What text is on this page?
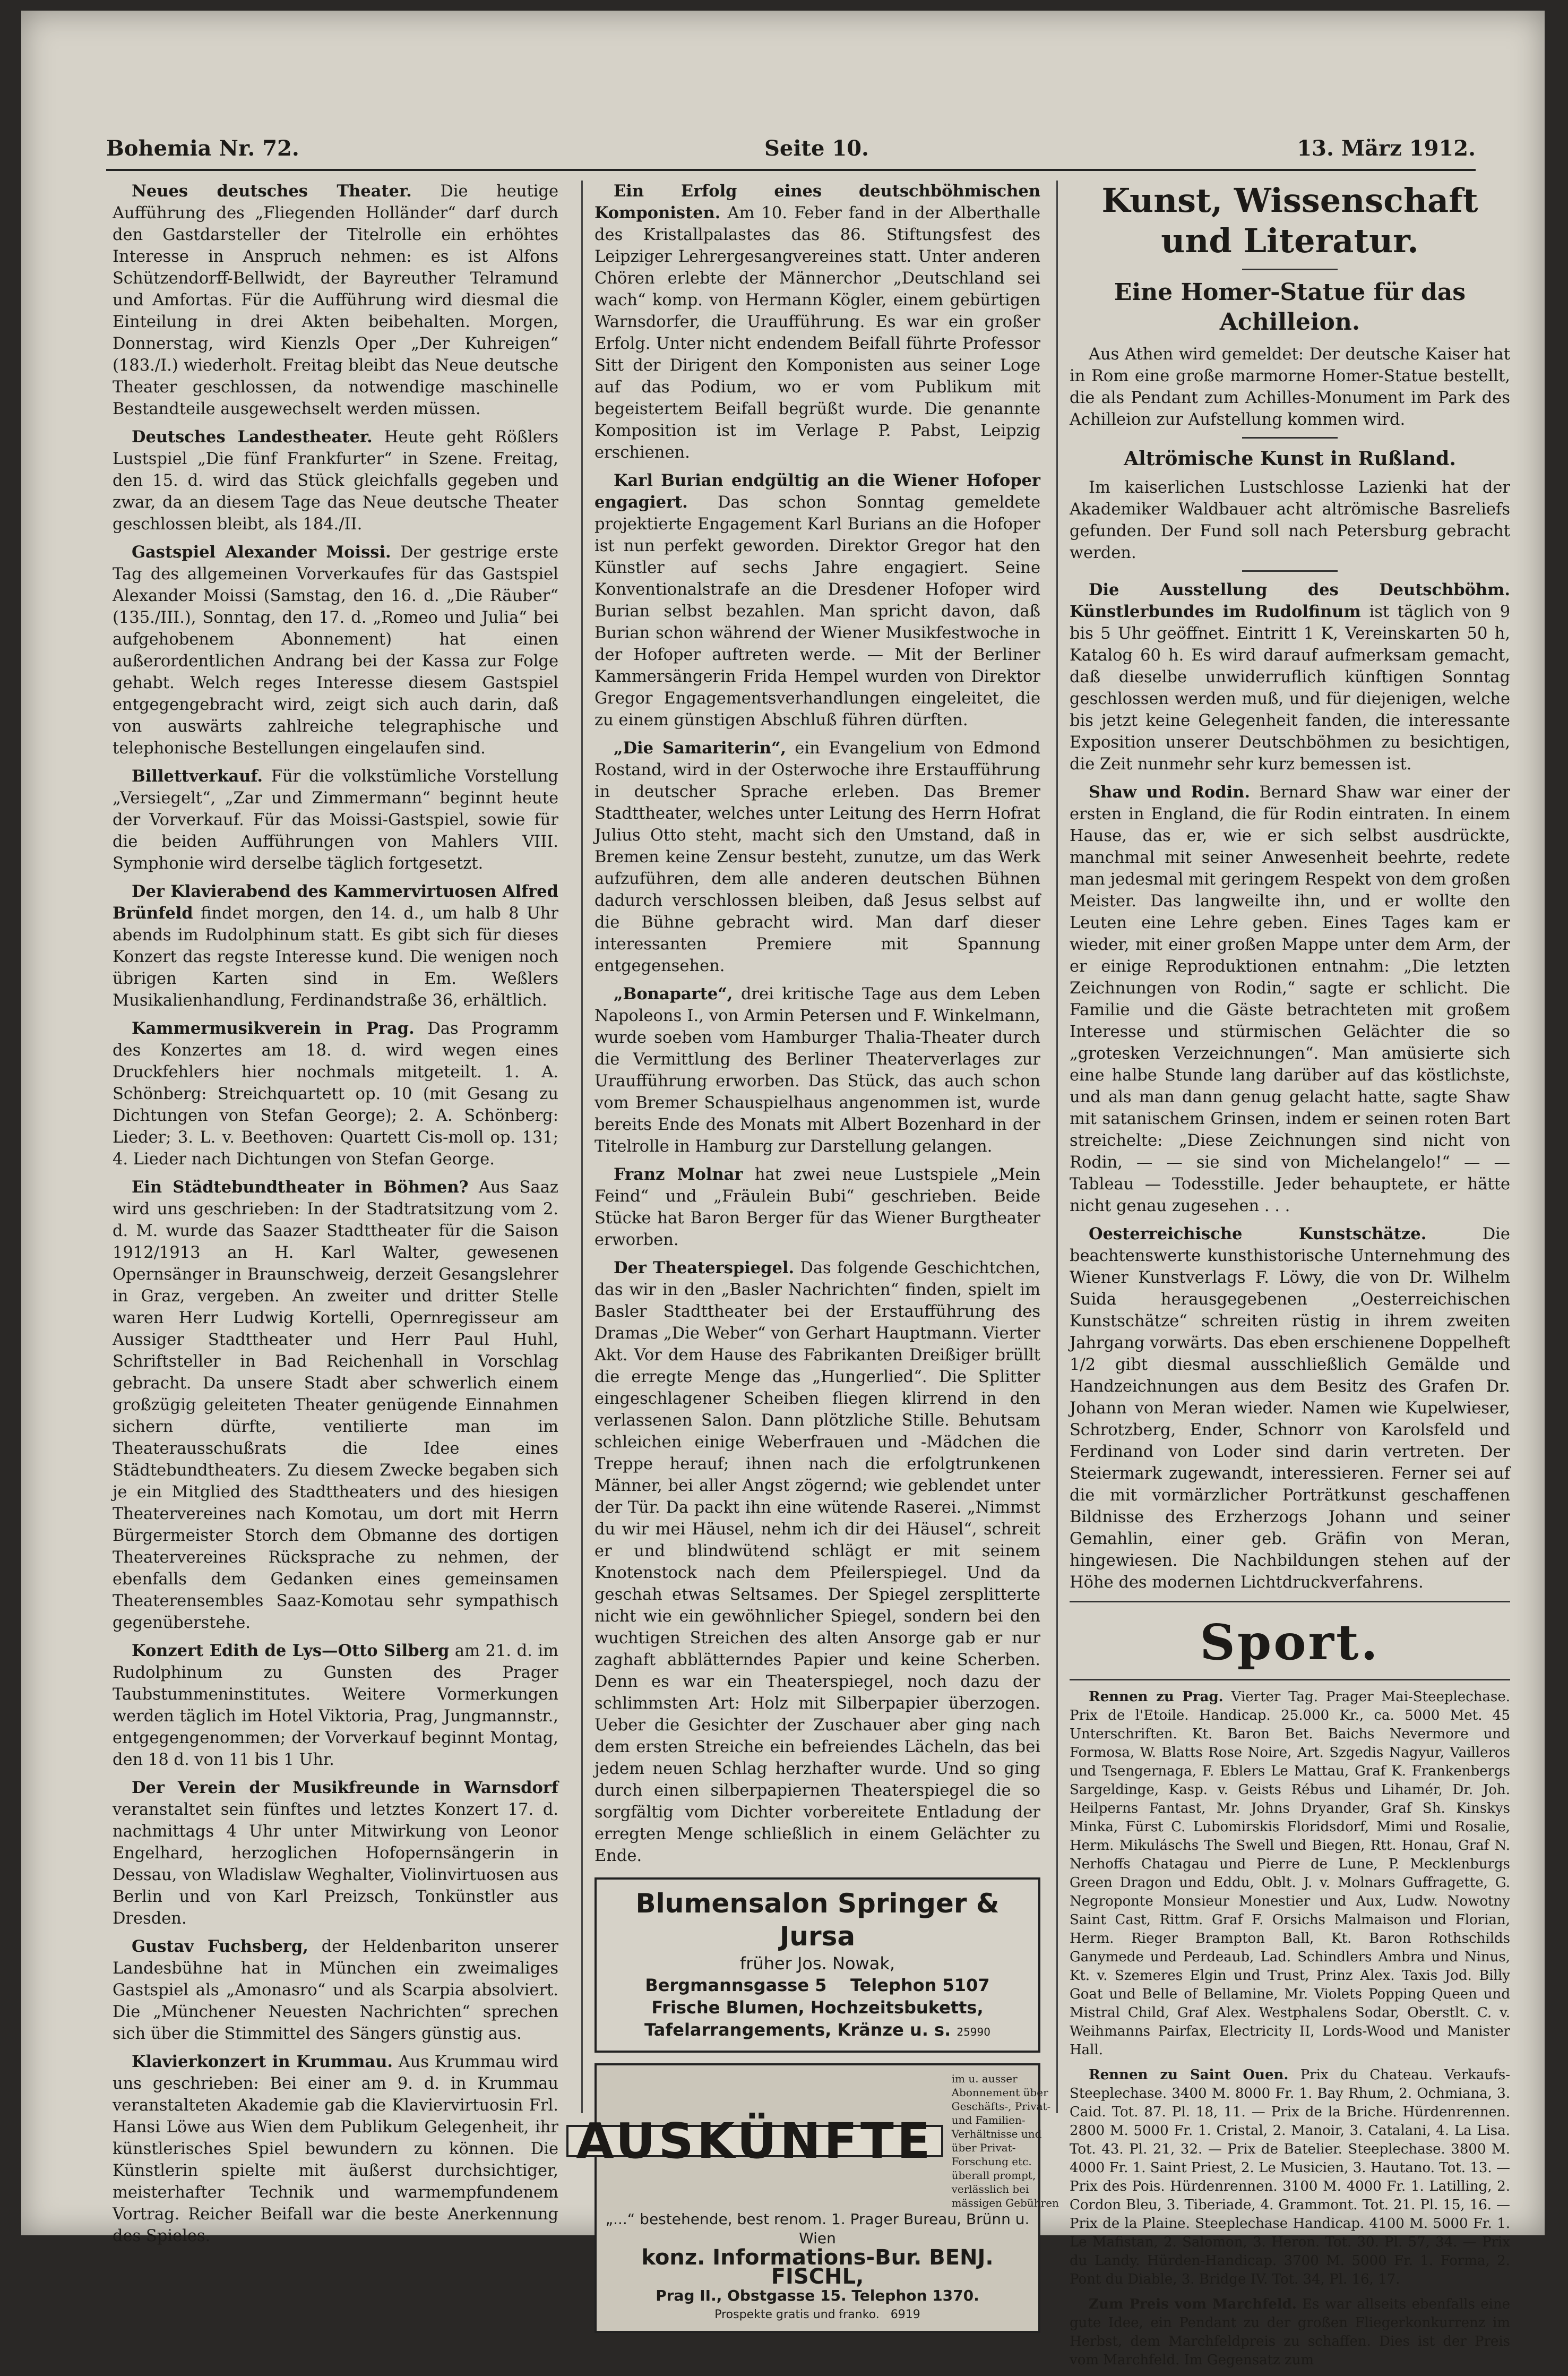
Bohemia Nr. 72.	Seite 10.	13. März 1912.

Neues deutsches Theater. Die heutige Aufführung des „Fliegenden Holländer“ darf durch den Gastdarsteller der Titelrolle ein erhöhtes Interesse in Anspruch nehmen: es ist Alfons Schützendorff-Bellwidt, der Bayreuther Telramund und Amfortas. Für die Aufführung wird diesmal die Einteilung in drei Akten beibehalten. Morgen, Donnerstag, wird Kienzls Oper „Der Kuhreigen“ (183./I.) wiederholt. Freitag bleibt das Neue deutsche Theater geschlossen, da notwendige maschinelle Bestandteile ausgewechselt werden müssen.

Deutsches Landestheater. Heute geht Rößlers Lustspiel „Die fünf Frankfurter“ in Szene. Freitag, den 15. d. wird das Stück gleichfalls gegeben und zwar, da an diesem Tage das Neue deutsche Theater geschlossen bleibt, als 184./II.

Gastspiel Alexander Moissi. Der gestrige erste Tag des allgemeinen Vorverkaufes für das Gastspiel Alexander Moissi (Samstag, den 16. d. „Die Räuber“ (135./III.), Sonntag, den 17. d. „Romeo und Julia“ bei aufgehobenem Abonnement) hat einen außerordentlichen Andrang bei der Kassa zur Folge gehabt. Welch reges Interesse diesem Gastspiel entgegengebracht wird, zeigt sich auch darin, daß von auswärts zahlreiche telegraphische und telephonische Bestellungen eingelaufen sind.

Billettverkauf. Für die volkstümliche Vorstellung „Versiegelt“, „Zar und Zimmermann“ beginnt heute der Vorverkauf. Für das Moissi-Gastspiel, sowie für die beiden Aufführungen von Mahlers VIII. Symphonie wird derselbe täglich fortgesetzt.

Der Klavierabend des Kammervirtuosen Alfred Brünfeld findet morgen, den 14. d., um halb 8 Uhr abends im Rudolphinum statt. Es gibt sich für dieses Konzert das regste Interesse kund. Die wenigen noch übrigen Karten sind in Em. Weßlers Musikalienhandlung, Ferdinandstraße 36, erhältlich.

Kammermusikverein in Prag. Das Programm des Konzertes am 18. d. wird wegen eines Druckfehlers hier nochmals mitgeteilt. 1. A. Schönberg: Streichquartett op. 10 (mit Gesang zu Dichtungen von Stefan George); 2. A. Schönberg: Lieder; 3. L. v. Beethoven: Quartett Cis-moll op. 131; 4. Lieder nach Dichtungen von Stefan George.

Ein Städtebundtheater in Böhmen? Aus Saaz wird uns geschrieben: In der Stadtratsitzung vom 2. d. M. wurde das Saazer Stadttheater für die Saison 1912/1913 an H. Karl Walter, gewesenen Opernsänger in Braunschweig, derzeit Gesangslehrer in Graz, vergeben. An zweiter und dritter Stelle waren Herr Ludwig Kortelli, Opernregisseur am Aussiger Stadttheater und Herr Paul Huhl, Schriftsteller in Bad Reichenhall in Vorschlag gebracht. Da unsere Stadt aber schwerlich einem großzügig geleiteten Theater genügende Einnahmen sichern dürfte, ventilierte man im Theaterausschußrats die Idee eines Städtebundtheaters. Zu diesem Zwecke begaben sich je ein Mitglied des Stadttheaters und des hiesigen Theatervereines nach Komotau, um dort mit Herrn Bürgermeister Storch dem Obmanne des dortigen Theatervereines Rücksprache zu nehmen, der ebenfalls dem Gedanken eines gemeinsamen Theaterensembles Saaz-Komotau sehr sympathisch gegenüberstehe.

Konzert Edith de Lys—Otto Silberg am 21. d. im Rudolphinum zu Gunsten des Prager Taubstummeninstitutes. Weitere Vormerkungen werden täglich im Hotel Viktoria, Prag, Jungmannstr., entgegengenommen; der Vorverkauf beginnt Montag, den 18 d. von 11 bis 1 Uhr.

Der Verein der Musikfreunde in Warnsdorf veranstaltet sein fünftes und letztes Konzert 17. d. nachmittags 4 Uhr unter Mitwirkung von Leonor Engelhard, herzoglichen Hofopernsängerin in Dessau, von Wladislaw Weghalter, Violinvirtuosen aus Berlin und von Karl Preizsch, Tonkünstler aus Dresden.

Gustav Fuchsberg, der Heldenbariton unserer Landesbühne hat in München ein zweimaliges Gastspiel als „Amonasro“ und als Scarpia absolviert. Die „Münchener Neuesten Nachrichten“ sprechen sich über die Stimmittel des Sängers günstig aus.

Klavierkonzert in Krummau. Aus Krummau wird uns geschrieben: Bei einer am 9. d. in Krummau veranstalteten Akademie gab die Klaviervirtuosin Frl. Hansi Löwe aus Wien dem Publikum Gelegenheit, ihr künstlerisches Spiel bewundern zu können. Die Künstlerin spielte mit äußerst durchsichtiger, meisterhafter Technik und warmempfundenem Vortrag. Reicher Beifall war die beste Anerkennung des Spieles.

Ein Erfolg eines deutschböhmischen Komponisten. Am 10. Feber fand in der Alberthalle des Kristallpalastes das 86. Stiftungsfest des Leipziger Lehrergesangvereines statt. Unter anderen Chören erlebte der Männerchor „Deutschland sei wach“ komp. von Hermann Kögler, einem gebürtigen Warnsdorfer, die Uraufführung. Es war ein großer Erfolg. Unter nicht endendem Beifall führte Professor Sitt der Dirigent den Komponisten aus seiner Loge auf das Podium, wo er vom Publikum mit begeistertem Beifall begrüßt wurde. Die genannte Komposition ist im Verlage P. Pabst, Leipzig erschienen.

Karl Burian endgültig an die Wiener Hofoper engagiert. Das schon Sonntag gemeldete projektierte Engagement Karl Burians an die Hofoper ist nun perfekt geworden. Direktor Gregor hat den Künstler auf sechs Jahre engagiert. Seine Konventionalstrafe an die Dresdener Hofoper wird Burian selbst bezahlen. Man spricht davon, daß Burian schon während der Wiener Musikfestwoche in der Hofoper auftreten werde. — Mit der Berliner Kammersängerin Frida Hempel wurden von Direktor Gregor Engagementsverhandlungen eingeleitet, die zu einem günstigen Abschluß führen dürften.

„Die Samariterin“, ein Evangelium von Edmond Rostand, wird in der Osterwoche ihre Erstaufführung in deutscher Sprache erleben. Das Bremer Stadttheater, welches unter Leitung des Herrn Hofrat Julius Otto steht, macht sich den Umstand, daß in Bremen keine Zensur besteht, zunutze, um das Werk aufzuführen, dem alle anderen deutschen Bühnen dadurch verschlossen bleiben, daß Jesus selbst auf die Bühne gebracht wird. Man darf dieser interessanten Premiere mit Spannung entgegensehen.

„Bonaparte“, drei kritische Tage aus dem Leben Napoleons I., von Armin Petersen und F. Winkelmann, wurde soeben vom Hamburger Thalia-Theater durch die Vermittlung des Berliner Theaterverlages zur Uraufführung erworben. Das Stück, das auch schon vom Bremer Schauspielhaus angenommen ist, wurde bereits Ende des Monats mit Albert Bozenhard in der Titelrolle in Hamburg zur Darstellung gelangen.

Franz Molnar hat zwei neue Lustspiele „Mein Feind“ und „Fräulein Bubi“ geschrieben. Beide Stücke hat Baron Berger für das Wiener Burgtheater erworben.

Der Theaterspiegel. Das folgende Geschichtchen, das wir in den „Basler Nachrichten“ finden, spielt im Basler Stadttheater bei der Erstaufführung des Dramas „Die Weber“ von Gerhart Hauptmann. Vierter Akt. Vor dem Hause des Fabrikanten Dreißiger brüllt die erregte Menge das „Hungerlied“. Die Splitter eingeschlagener Scheiben fliegen klirrend in den verlassenen Salon. Dann plötzliche Stille. Behutsam schleichen einige Weberfrauen und -Mädchen die Treppe herauf; ihnen nach die erfolgtrunkenen Männer, bei aller Angst zögernd; wie geblendet unter der Tür. Da packt ihn eine wütende Raserei. „Nimmst du wir mei Häusel, nehm ich dir dei Häusel“, schreit er und blindwütend schlägt er mit seinem Knotenstock nach dem Pfeilerspiegel. Und da geschah etwas Seltsames. Der Spiegel zersplitterte nicht wie ein gewöhnlicher Spiegel, sondern bei den wuchtigen Streichen des alten Ansorge gab er nur zaghaft abblätterndes Papier und keine Scherben. Denn es war ein Theaterspiegel, noch dazu der schlimmsten Art: Holz mit Silberpapier überzogen. Ueber die Gesichter der Zuschauer aber ging nach dem ersten Streiche ein befreiendes Lächeln, das bei jedem neuen Schlag herzhafter wurde. Und so ging durch einen silberpapiernen Theaterspiegel die so sorgfältig vom Dichter vorbereitete Entladung der erregten Menge schließlich in einem Gelächter zu Ende.

Blumensalon Springer & Jursa
früher Jos. Nowak,
Bergmannsgasse 5 Telephon 5107
Frische Blumen, Hochzeitsbuketts, Tafelarrangements, Kränze u. s. 25990
AUSKÜNFTE
im u. ausser Abonnement über Geschäfts-, Privat- und Familien-Verhältnisse und über Privat-Forschung etc. überall prompt, verlässlich bei mässigen Gebühren
„...“ bestehende, best renom. 1. Prager Bureau, Brünn u. Wien
konz. Informations-Bur. BENJ. FISCHL,
Prag II., Obstgasse 15. Telephon 1370.
Prospekte gratis und franko. 6919
Kunst, Wissenschaft und Literatur.
Eine Homer-Statue für das Achilleion.

Aus Athen wird gemeldet: Der deutsche Kaiser hat in Rom eine große marmorne Homer-Statue bestellt, die als Pendant zum Achilles-Monument im Park des Achilleion zur Aufstellung kommen wird.

Altrömische Kunst in Rußland.

Im kaiserlichen Lustschlosse Lazienki hat der Akademiker Waldbauer acht altrömische Basreliefs gefunden. Der Fund soll nach Petersburg gebracht werden.

Die Ausstellung des Deutschböhm. Künstlerbundes im Rudolfinum ist täglich von 9 bis 5 Uhr geöffnet. Eintritt 1 K, Vereinskarten 50 h, Katalog 60 h. Es wird darauf aufmerksam gemacht, daß dieselbe unwiderruflich künftigen Sonntag geschlossen werden muß, und für diejenigen, welche bis jetzt keine Gelegenheit fanden, die interessante Exposition unserer Deutschböhmen zu besichtigen, die Zeit nunmehr sehr kurz bemessen ist.

Shaw und Rodin. Bernard Shaw war einer der ersten in England, die für Rodin eintraten. In einem Hause, das er, wie er sich selbst ausdrückte, manchmal mit seiner Anwesenheit beehrte, redete man jedesmal mit geringem Respekt von dem großen Meister. Das langweilte ihn, und er wollte den Leuten eine Lehre geben. Eines Tages kam er wieder, mit einer großen Mappe unter dem Arm, der er einige Reproduktionen entnahm: „Die letzten Zeichnungen von Rodin,“ sagte er schlicht. Die Familie und die Gäste betrachteten mit großem Interesse und stürmischen Gelächter die so „grotesken Verzeichnungen“. Man amüsierte sich eine halbe Stunde lang darüber auf das köstlichste, und als man dann genug gelacht hatte, sagte Shaw mit satanischem Grinsen, indem er seinen roten Bart streichelte: „Diese Zeichnungen sind nicht von Rodin, — — sie sind von Michelangelo!“ — — Tableau — Todesstille. Jeder behauptete, er hätte nicht genau zugesehen . . .

Oesterreichische Kunstschätze.	Die beachtenswerte kunsthistorische Unternehmung des Wiener Kunstverlags F. Löwy, die von Dr. Wilhelm Suida herausgegebenen „Oesterreichischen Kunstschätze“ schreiten rüstig in ihrem zweiten Jahrgang vorwärts. Das eben erschienene Doppelheft 1/2 gibt diesmal ausschließlich Gemälde und Handzeichnungen aus dem Besitz des Grafen Dr. Johann von Meran wieder. Namen wie Kupelwieser, Schrotzberg, Ender, Schnorr von Karolsfeld und Ferdinand von Loder sind darin vertreten. Der Steiermark zugewandt, interessieren. Ferner sei auf die mit vormärzlicher Porträtkunst geschaffenen Bildnisse des Erzherzogs Johann und seiner Gemahlin, einer geb. Gräfin von Meran, hingewiesen. Die Nachbildungen stehen auf der Höhe des modernen Lichtdruckverfahrens.

Sport.

Rennen zu Prag. Vierter Tag. Prager Mai-Steeplechase. Prix de l'Etoile. Handicap. 25.000 Kr., ca. 5000 Met. 45 Unterschriften. Kt. Baron Bet. Baichs Nevermore und Formosa, W. Blatts Rose Noire, Art. Szgedis Nagyur, Vailleros und Tsengernaga, F. Eblers Le Mattau, Graf K. Frankenbergs Sargeldinge, Kasp. v. Geists Rébus und Lihamér, Dr. Joh. Heilperns Fantast, Mr. Johns Dryander, Graf Sh. Kinskys Minka, Fürst C. Lubomirskis Floridsdorf, Mimi und Rosalie, Herm. Mikuláschs The Swell und Biegen, Rtt. Honau, Graf N. Nerhoffs Chatagau und Pierre de Lune, P. Mecklenburgs Green Dragon und Eddu, Oblt. J. v. Molnars Guffragette, G. Negroponte Monsieur Monestier und Aux, Ludw. Nowotny Saint Cast, Rittm. Graf F. Orsichs Malmaison und Florian, Herm. Rieger Brampton Ball, Kt. Baron Rothschilds Ganymede und Perdeaub, Lad. Schindlers Ambra und Ninus, Kt. v. Szemeres Elgin und Trust, Prinz Alex. Taxis Jod. Billy Goat und Belle of Bellamine, Mr. Violets Popping Queen und Mistral Child, Graf Alex. Westphalens Sodar, Oberstlt. C. v. Weihmanns Pairfax, Electricity II, Lords-Wood und Manister Hall.

Rennen zu Saint Ouen. Prix du Chateau. Verkaufs-Steeplechase. 3400 M. 8000 Fr. 1. Bay Rhum, 2. Ochmiana, 3. Caid. Tot. 87. Pl. 18, 11. — Prix de la Briche. Hürdenrennen. 2800 M. 5000 Fr. 1. Cristal, 2. Manoir, 3. Catalani, 4. La Lisa. Tot. 43. Pl. 21, 32. — Prix de Batelier. Steeplechase. 3800 M. 4000 Fr. 1. Saint Priest, 2. Le Musicien, 3. Hautano. Tot. 13. — Prix des Pois. Hürdenrennen. 3100 M. 4000 Fr. 1. Latilling, 2. Cordon Bleu, 3. Tiberiade, 4. Grammont. Tot. 21. Pl. 15, 16. — Prix de la Plaine. Steeplechase Handicap. 4100 M. 5000 Fr. 1. Le Mafistan, 2. Salomon, 3. Heron. Tot. 30. Pl. 57, 34. — Prix du Landy. Hürden-Handicap. 3700 M. 5000 Fr. 1. Forma, 2. Pont du Diable, 3. Bridge IV. Tot. 34, Pl. 16, 17.

Zum Preis vom Marchfeld. Es war allseits ebenfalls eine gute Idee, ein Pendant zu der großen Fliegerkonkurrenz im Herbst, dem Marchfeldpreis zu schaffen. Dies ist der Preis vom Marchfeld. Im Gegensatz zum
